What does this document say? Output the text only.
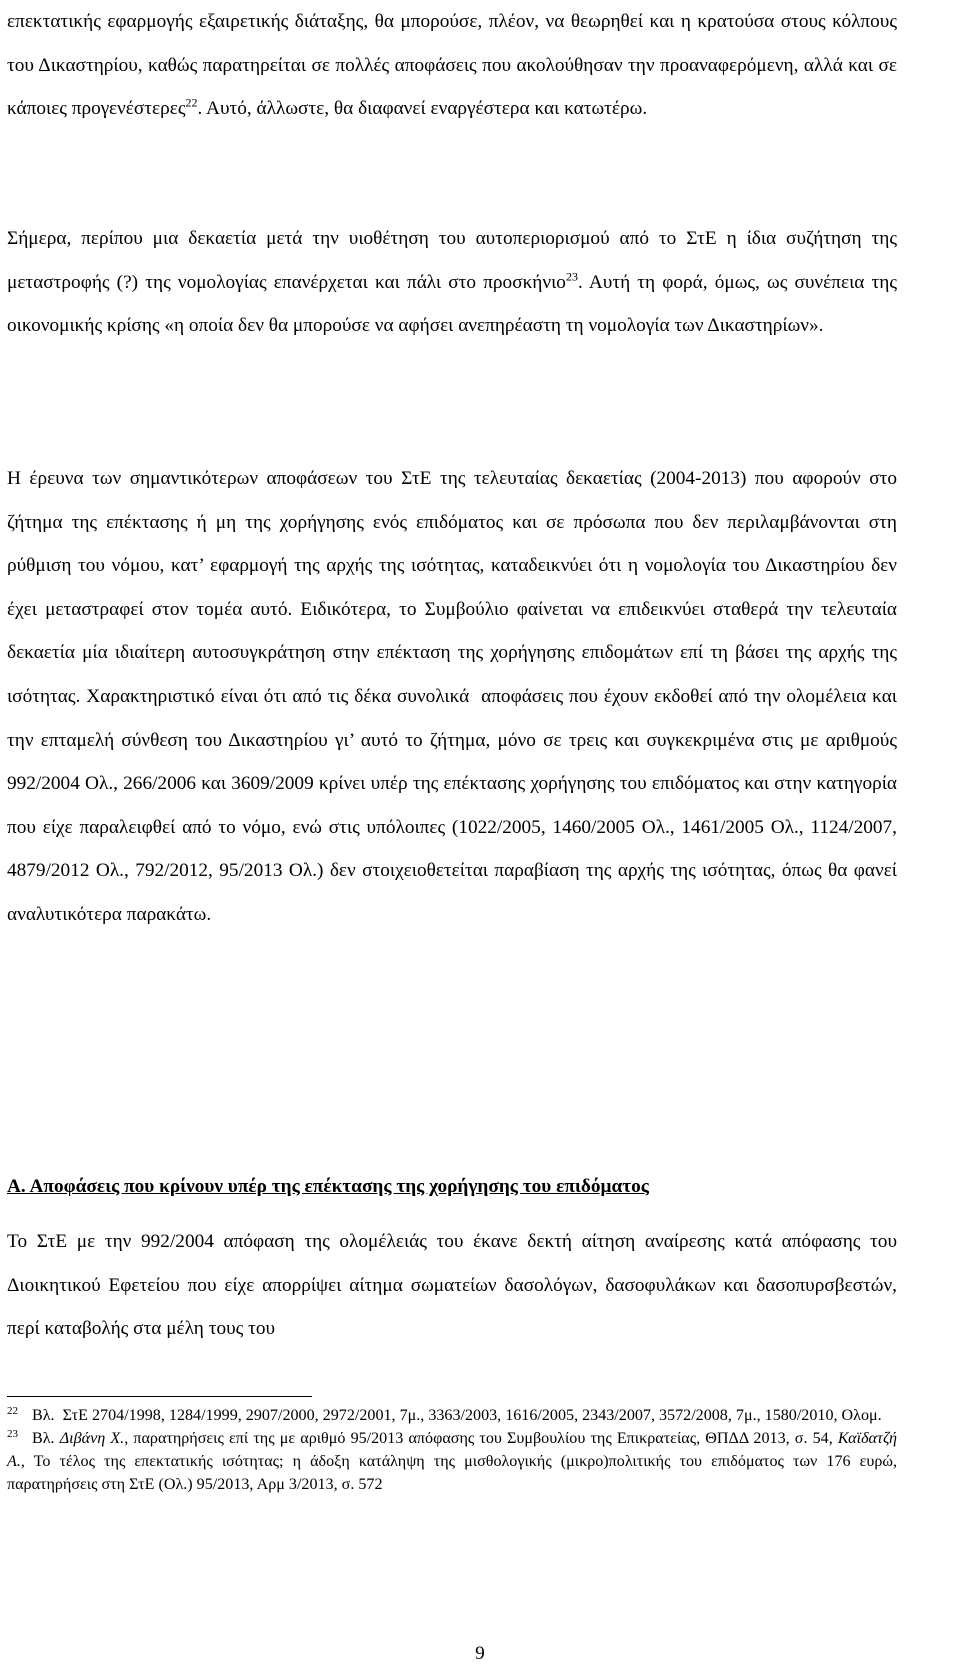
επεκτατικής εφαρμογής εξαιρετικής διάταξης, θα μπορούσε, πλέον, να θεωρηθεί και η κρατούσα στους κόλπους του Δικαστηρίου, καθώς παρατηρείται σε πολλές αποφάσεις που ακολούθησαν την προαναφερόμενη, αλλά και σε κάποιες προγενέστερες$^{22}$. Αυτό, άλλωστε, θα διαφανεί εναργέστερα και κατωτέρω.

Σήμερα, περίπου μια δεκαετία μετά την υιοθέτηση του αυτοπεριορισμού από το ΣτΕ η ίδια συζήτηση της μεταστροφής (?) της νομολογίας επανέρχεται και πάλι στο προσκήνιο$^{23}$. Αυτή τη φορά, όμως, ως συνέπεια της οικονομικής κρίσης «η οποία δεν θα μπορούσε να αφήσει ανεπηρέαστη τη νομολογία των Δικαστηρίων».

Η έρευνα των σημαντικότερων αποφάσεων του ΣτΕ της τελευταίας δεκαετίας (2004-2013) που αφορούν στο ζήτημα της επέκτασης ή μη της χορήγησης ενός επιδόματος και σε πρόσωπα που δεν περιλαμβάνονται στη ρύθμιση του νόμου, κατ’ εφαρμογή της αρχής της ισότητας, καταδεικνύει ότι η νομολογία του Δικαστηρίου δεν έχει μεταστραφεί στον τομέα αυτό. Ειδικότερα, το Συμβούλιο φαίνεται να επιδεικνύει σταθερά την τελευταία δεκαετία μία ιδιαίτερη αυτοσυγκράτηση στην επέκταση της χορήγησης επιδομάτων επί τη βάσει της αρχής της ισότητας. Χαρακτηριστικό είναι ότι από τις δέκα συνολικά  αποφάσεις που έχουν εκδοθεί από την ολομέλεια και την επταμελή σύνθεση του Δικαστηρίου γι’ αυτό το ζήτημα, μόνο σε τρεις και συγκεκριμένα στις με αριθμούς 992/2004 Ολ., 266/2006 και 3609/2009 κρίνει υπέρ της επέκτασης χορήγησης του επιδόματος και στην κατηγορία που είχε παραλειφθεί από το νόμο, ενώ στις υπόλοιπες (1022/2005, 1460/2005 Ολ., 1461/2005 Ολ., 1124/2007, 4879/2012 Ολ., 792/2012, 95/2013 Ολ.) δεν στοιχειοθετείται παραβίαση της αρχής της ισότητας, όπως θα φανεί αναλυτικότερα παρακάτω.

Α. Αποφάσεις που κρίνουν υπέρ της επέκτασης της χορήγησης του επιδόματος

Το ΣτΕ με την 992/2004 απόφαση της ολομέλειάς του έκανε δεκτή αίτηση αναίρεσης κατά απόφασης του Διοικητικού Εφετείου που είχε απορρίψει αίτημα σωματείων δασολόγων, δασοφυλάκων και δασοπυρσβεστών, περί καταβολής στα μέλη τους του

$^{22}$ Βλ.  ΣτΕ 2704/1998, 1284/1999, 2907/2000, 2972/2001, 7μ., 3363/2003, 1616/2005, 2343/2007, 3572/2008, 7μ., 1580/2010, Ολομ.

$^{23}$ Βλ. Διβάνη Χ., παρατηρήσεις επί της με αριθμό 95/2013 απόφασης του Συμβουλίου της Επικρατείας, ΘΠΔΔ 2013, σ. 54, Καϊδατζή Α., Το τέλος της επεκτατικής ισότητας; η άδοξη κατάληψη της μισθολογικής (μικρο)πολιτικής του επιδόματος των 176 ευρώ, παρατηρήσεις στη ΣτΕ (Ολ.) 95/2013, Αρμ 3/2013, σ. 572

9
